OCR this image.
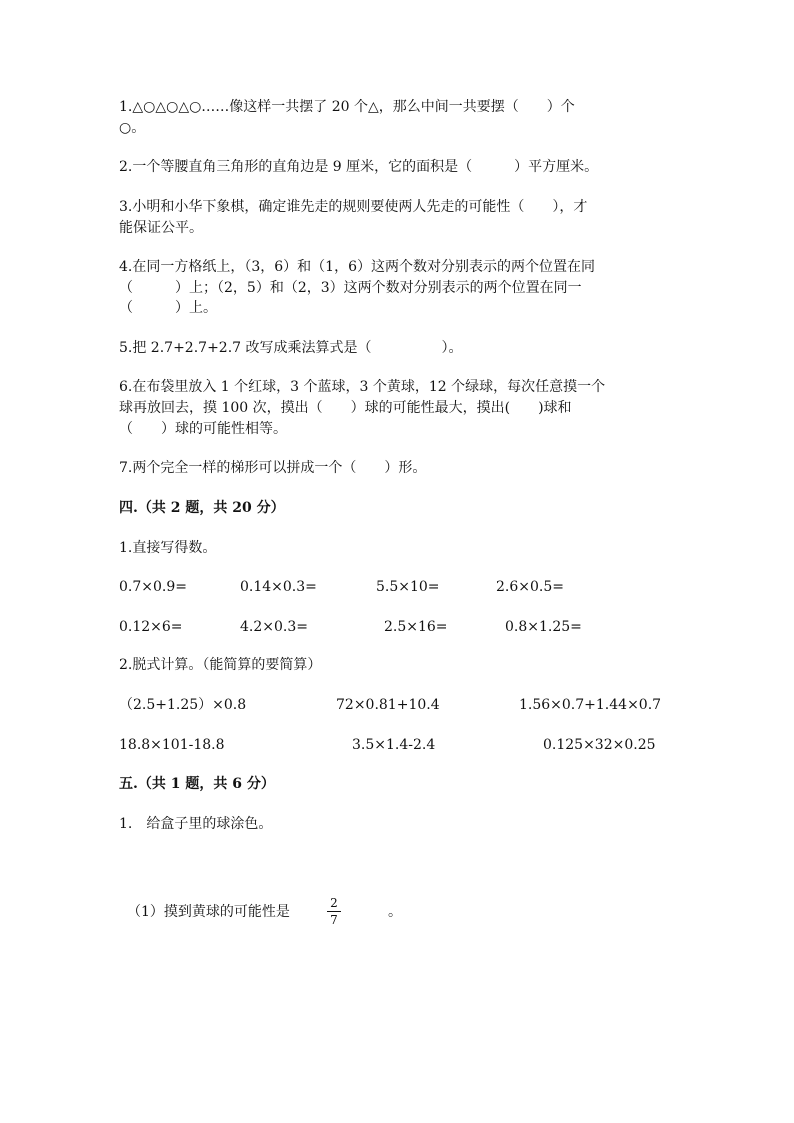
1.△○△○△○……像这样一共摆了 20 个△，那么中间一共要摆（　　）个
○。
2.一个等腰直角三角形的直角边是 9 厘米，它的面积是（　　　）平方厘米。
3.小明和小华下象棋，确定谁先走的规则要使两人先走的可能性（　　），才
能保证公平。
4.在同一方格纸上，（3，6）和（1，6）这两个数对分别表示的两个位置在同
（　　　）上；（2，5）和（2，3）这两个数对分别表示的两个位置在同一
（　　　）上。
5.把 2.7+2.7+2.7 改写成乘法算式是（　　　　　）。
6.在布袋里放入 1 个红球，3 个蓝球，3 个黄球，12 个绿球，每次任意摸一个
球再放回去，摸 100 次，摸出（　　）球的可能性最大，摸出(　　)球和
（　　）球的可能性相等。
7.两个完全一样的梯形可以拼成一个（　　）形。
四.（共 2 题，共 20 分）
1.直接写得数。
0.7×0.9=	0.14×0.3=	5.5×10=	2.6×0.5=
0.12×6=	4.2×0.3=	2.5×16=	0.8×1.25=
2.脱式计算。（能简算的要简算）
（2.5+1.25）×0.8	72×0.81+10.4	1.56×0.7+1.44×0.7
18.8×101-18.8	3.5×1.4-2.4	0.125×32×0.25
五.（共 1 题，共 6 分）
1.　给盒子里的球涂色。
（1）摸到黄球的可能性是	$\frac{2}{7}$	。
